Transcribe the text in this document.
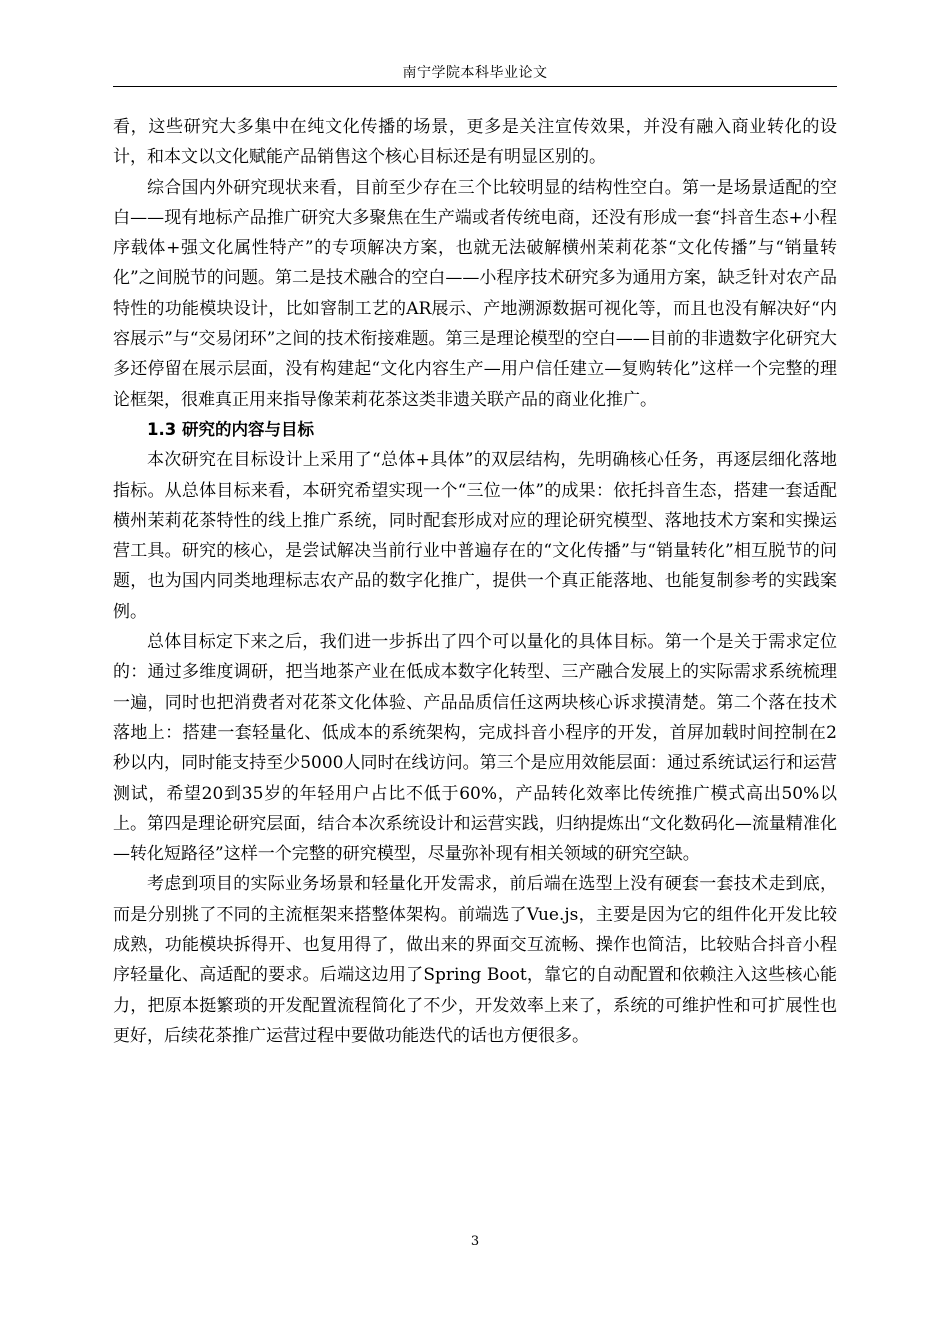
南宁学院本科毕业论文

看，这些研究大多集中在纯文化传播的场景，更多是关注宣传效果，并没有融入商业转化的设计，和本文以文化赋能产品销售这个核心目标还是有明显区别的。

综合国内外研究现状来看，目前至少存在三个比较明显的结构性空白。第一是场景适配的空白——现有地标产品推广研究大多聚焦在生产端或者传统电商，还没有形成一套“抖音生态+小程序载体+强文化属性特产”的专项解决方案，也就无法破解横州茉莉花茶“文化传播”与“销量转化”之间脱节的问题。第二是技术融合的空白——小程序技术研究多为通用方案，缺乏针对农产品特性的功能模块设计，比如窨制工艺的AR展示、产地溯源数据可视化等，而且也没有解决好“内容展示”与“交易闭环”之间的技术衔接难题。第三是理论模型的空白——目前的非遗数字化研究大多还停留在展示层面，没有构建起“文化内容生产—用户信任建立—复购转化”这样一个完整的理论框架，很难真正用来指导像茉莉花茶这类非遗关联产品的商业化推广。

1.3 研究的内容与目标

本次研究在目标设计上采用了“总体+具体”的双层结构，先明确核心任务，再逐层细化落地指标。从总体目标来看，本研究希望实现一个“三位一体”的成果：依托抖音生态，搭建一套适配横州茉莉花茶特性的线上推广系统，同时配套形成对应的理论研究模型、落地技术方案和实操运营工具。研究的核心，是尝试解决当前行业中普遍存在的“文化传播”与“销量转化”相互脱节的问题，也为国内同类地理标志农产品的数字化推广，提供一个真正能落地、也能复制参考的实践案例。

总体目标定下来之后，我们进一步拆出了四个可以量化的具体目标。第一个是关于需求定位的：通过多维度调研，把当地茶产业在低成本数字化转型、三产融合发展上的实际需求系统梳理一遍，同时也把消费者对花茶文化体验、产品品质信任这两块核心诉求摸清楚。第二个落在技术落地上：搭建一套轻量化、低成本的系统架构，完成抖音小程序的开发，首屏加载时间控制在2秒以内，同时能支持至少5000人同时在线访问。第三个是应用效能层面：通过系统试运行和运营测试，希望20到35岁的年轻用户占比不低于60%，产品转化效率比传统推广模式高出50%以上。第四是理论研究层面，结合本次系统设计和运营实践，归纳提炼出“文化数码化—流量精准化—转化短路径”这样一个完整的研究模型，尽量弥补现有相关领域的研究空缺。

考虑到项目的实际业务场景和轻量化开发需求，前后端在选型上没有硬套一套技术走到底，而是分别挑了不同的主流框架来搭整体架构。前端选了Vue.js，主要是因为它的组件化开发比较成熟，功能模块拆得开、也复用得了，做出来的界面交互流畅、操作也简洁，比较贴合抖音小程序轻量化、高适配的要求。后端这边用了Spring Boot，靠它的自动配置和依赖注入这些核心能力，把原本挺繁琐的开发配置流程简化了不少，开发效率上来了，系统的可维护性和可扩展性也更好，后续花茶推广运营过程中要做功能迭代的话也方便很多。

3
